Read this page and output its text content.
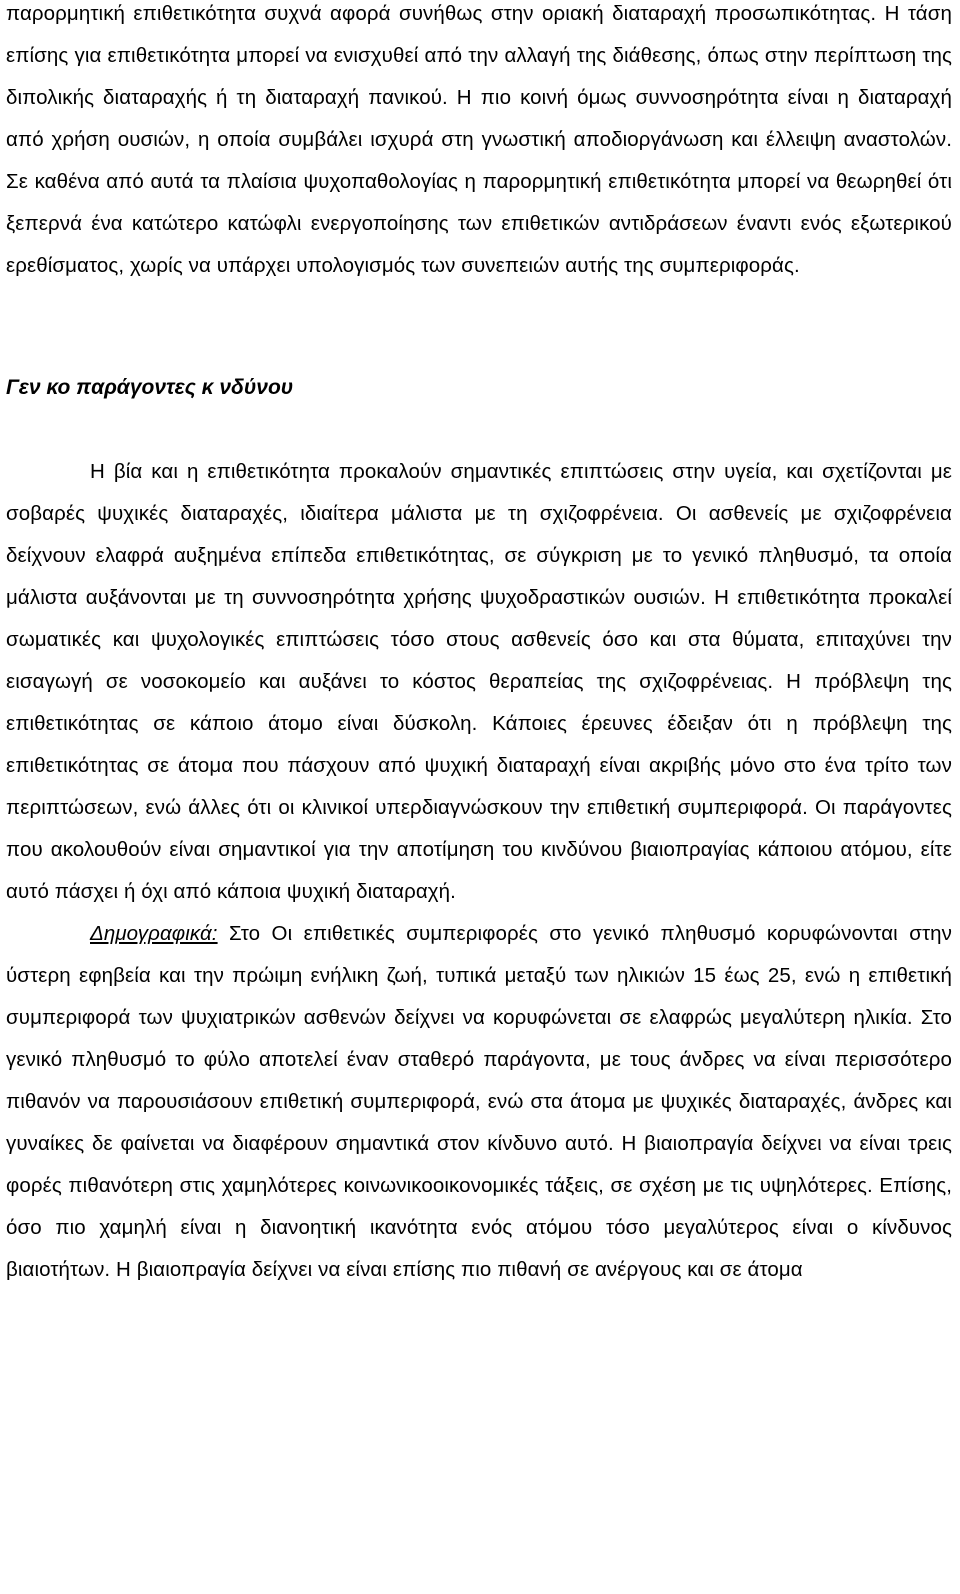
παρορμητική επιθετικότητα συχνά αφορά συνήθως στην οριακή διαταραχή προσωπικότητας. Η τάση επίσης για επιθετικότητα μπορεί να ενισχυθεί από την αλλαγή της διάθεσης, όπως στην περίπτωση της διπολικής διαταραχής ή τη διαταραχή πανικού. Η πιο κοινή όμως συννοσηρότητα είναι η διαταραχή από χρήση ουσιών, η οποία συμβάλει ισχυρά στη γνωστική αποδιοργάνωση και έλλειψη αναστολών. Σε καθένα από αυτά τα πλαίσια ψυχοπαθολογίας η παρορμητική επιθετικότητα μπορεί να θεωρηθεί ότι ξεπερνά ένα κατώτερο κατώφλι ενεργοποίησης των επιθετικών αντιδράσεων έναντι ενός εξωτερικού ερεθίσματος, χωρίς να υπάρχει υπολογισμός των συνεπειών αυτής της συμπεριφοράς.

Γεν κο παράγοντες κ νδύνου

Η βία και η επιθετικότητα προκαλούν σημαντικές επιπτώσεις στην υγεία, και σχετίζονται με σοβαρές ψυχικές διαταραχές, ιδιαίτερα μάλιστα με τη σχιζοφρένεια. Οι ασθενείς με σχιζοφρένεια δείχνουν ελαφρά αυξημένα επίπεδα επιθετικότητας, σε σύγκριση με το γενικό πληθυσμό, τα οποία μάλιστα αυξάνονται με τη συννοσηρότητα χρήσης ψυχοδραστικών ουσιών. Η επιθετικότητα προκαλεί σωματικές και ψυχολογικές επιπτώσεις τόσο στους ασθενείς όσο και στα θύματα, επιταχύνει την εισαγωγή σε νοσοκομείο και αυξάνει το κόστος θεραπείας της σχιζοφρένειας. Η πρόβλεψη της επιθετικότητας σε κάποιο άτομο είναι δύσκολη. Κάποιες έρευνες έδειξαν ότι η πρόβλεψη της επιθετικότητας σε άτομα που πάσχουν από ψυχική διαταραχή είναι ακριβής μόνο στο ένα τρίτο των περιπτώσεων, ενώ άλλες ότι οι κλινικοί υπερδιαγνώσκουν την επιθετική συμπεριφορά. Οι παράγοντες που ακολουθούν είναι σημαντικοί για την αποτίμηση του κινδύνου βιαιοπραγίας κάποιου ατόμου, είτε αυτό πάσχει ή όχι από κάποια ψυχική διαταραχή.

Δημογραφικά: Στο Οι επιθετικές συμπεριφορές στο γενικό πληθυσμό κορυφώνονται στην ύστερη εφηβεία και την πρώιμη ενήλικη ζωή, τυπικά μεταξύ των ηλικιών 15 έως 25, ενώ η επιθετική συμπεριφορά των ψυχιατρικών ασθενών δείχνει να κορυφώνεται σε ελαφρώς μεγαλύτερη ηλικία. Στο γενικό πληθυσμό το φύλο αποτελεί έναν σταθερό παράγοντα, με τους άνδρες να είναι περισσότερο πιθανόν να παρουσιάσουν επιθετική συμπεριφορά, ενώ στα άτομα με ψυχικές διαταραχές, άνδρες και γυναίκες δε φαίνεται να διαφέρουν σημαντικά στον κίνδυνο αυτό. Η βιαιοπραγία δείχνει να είναι τρεις φορές πιθανότερη στις χαμηλότερες κοινωνικοοικονομικές τάξεις, σε σχέση με τις υψηλότερες. Επίσης, όσο πιο χαμηλή είναι η διανοητική ικανότητα ενός ατόμου τόσο μεγαλύτερος είναι ο κίνδυνος βιαιοτήτων. Η βιαιοπραγία δείχνει να είναι επίσης πιο πιθανή σε ανέργους και σε άτομα
